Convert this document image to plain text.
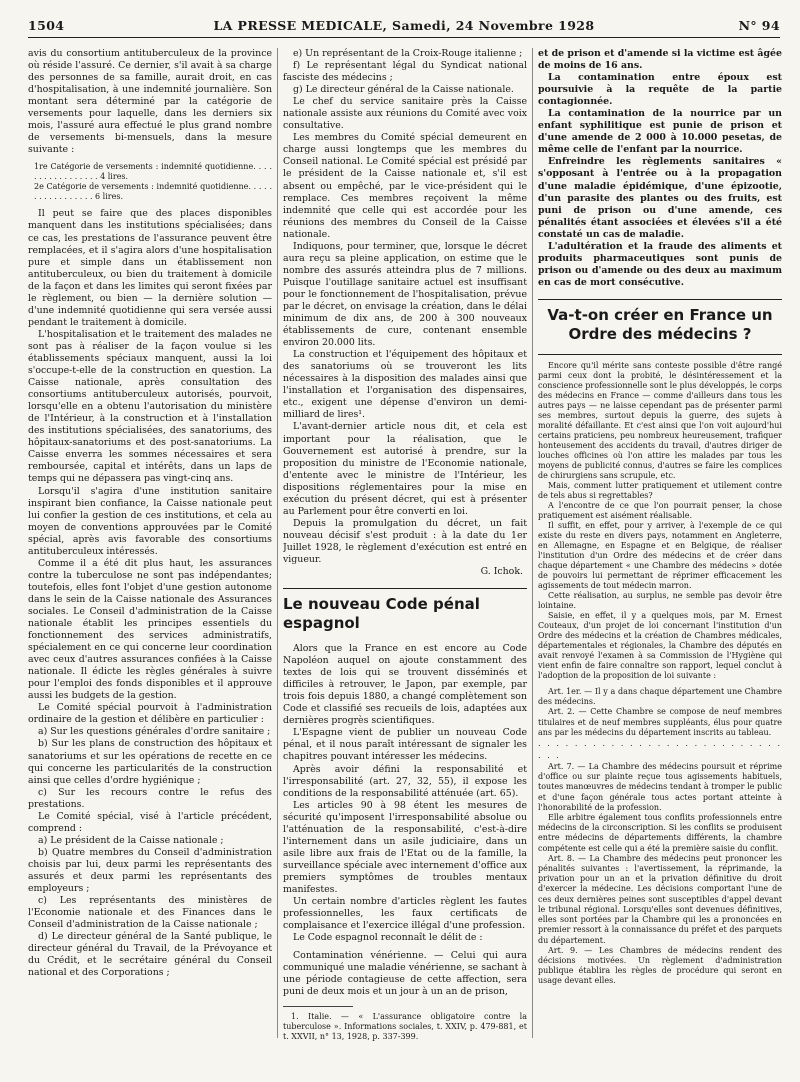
1504	LA PRESSE MEDICALE, Samedi, 24 Novembre 1928	N° 94

avis du consortium antituberculeux de la province où réside l'assuré. Ce dernier, s'il avait à sa charge des personnes de sa famille, aurait droit, en cas d'hospitalisation, à une indemnité journalière. Son montant sera déterminé par la catégorie de versements pour laquelle, dans les derniers six mois, l'assuré aura effectué le plus grand nombre de versements bi-mensuels, dans la mesure suivante :

1re Catégorie de versements : indemnité quotidienne. . . . . . . . . . . . . . . . . 4 lires.

2e Catégorie de versements : indemnité quotidienne. . . . . . . . . . . . . . . . . 6 lires.

Il peut se faire que des places disponibles manquent dans les institutions spécialisées; dans ce cas, les prestations de l'assurance peuvent être remplacées, et il s'agira alors d'une hospitalisation pure et simple dans un établissement non antituberculeux, ou bien du traitement à domicile de la façon et dans les limites qui seront fixées par le règlement, ou bien — la dernière solution — d'une indemnité quotidienne qui sera versée aussi pendant le traitement à domicile.

L'hospitalisation et le traitement des malades ne sont pas à réaliser de la façon voulue si les établissements spéciaux manquent, aussi la loi s'occupe-t-elle de la construction en question. La Caisse nationale, après consultation des consortiums antituberculeux autorisés, pourvoit, lorsqu'elle en a obtenu l'autorisation du ministère de l'Intérieur, à la construction et à l'installation des institutions spécialisées, des sanatoriums, des hôpitaux-sanatoriums et des post-sanatoriums. La Caisse enverra les sommes nécessaires et sera remboursée, capital et intérêts, dans un laps de temps qui ne dépassera pas vingt-cinq ans.

Lorsqu'il s'agira d'une institution sanitaire inspirant bien confiance, la Caisse nationale peut lui confier la gestion de ces institutions, et cela au moyen de conventions approuvées par le Comité spécial, après avis favorable des consortiums antituberculeux intéressés.

Comme il a été dit plus haut, les assurances contre la tuberculose ne sont pas indépendantes; toutefois, elles font l'objet d'une gestion autonome dans le sein de la Caisse nationale des Assurances sociales. Le Conseil d'administration de la Caisse nationale établit les principes essentiels du fonctionnement des services administratifs, spécialement en ce qui concerne leur coordination avec ceux d'autres assurances confiées à la Caisse nationale. Il édicte les règles générales à suivre pour l'emploi des fonds disponibles et il approuve aussi les budgets de la gestion.

Le Comité spécial pourvoit à l'administration ordinaire de la gestion et délibère en particulier :

a) Sur les questions générales d'ordre sanitaire ;

b) Sur les plans de construction des hôpitaux et sanatoriums et sur les opérations de recette en ce qui concerne les particularités de la construction ainsi que celles d'ordre hygiénique ;

c) Sur les recours contre le refus des prestations.

Le Comité spécial, visé à l'article précédent, comprend :

a) Le président de la Caisse nationale ;

b) Quatre membres du Conseil d'administration choisis par lui, deux parmi les représentants des assurés et deux parmi les représentants des employeurs ;

c) Les représentants des ministères de l'Economie nationale et des Finances dans le Conseil d'administration de la Caisse nationale ;

d) Le directeur général de la Santé publique, le directeur général du Travail, de la Prévoyance et du Crédit, et le secrétaire général du Conseil national et des Corporations ;

e) Un représentant de la Croix-Rouge italienne ;

f) Le représentant légal du Syndicat national fasciste des médecins ;

g) Le directeur général de la Caisse nationale.

Le chef du service sanitaire près la Caisse nationale assiste aux réunions du Comité avec voix consultative.

Les membres du Comité spécial demeurent en charge aussi longtemps que les membres du Conseil national. Le Comité spécial est présidé par le président de la Caisse nationale et, s'il est absent ou empêché, par le vice-président qui le remplace. Ces membres reçoivent la même indemnité que celle qui est accordée pour les réunions des membres du Conseil de la Caisse nationale.

Indiquons, pour terminer, que, lorsque le décret aura reçu sa pleine application, on estime que le nombre des assurés atteindra plus de 7 millions. Puisque l'outillage sanitaire actuel est insuffisant pour le fonctionnement de l'hospitalisation, prévue par le décret, on envisage la création, dans le délai minimum de dix ans, de 200 à 300 nouveaux établissements de cure, contenant ensemble environ 20.000 lits.

La construction et l'équipement des hôpitaux et des sanatoriums où se trouveront les lits nécessaires à la disposition des malades ainsi que l'installation et l'organisation des dispensaires, etc., exigent une dépense d'environ un demi-milliard de lires¹.

L'avant-dernier article nous dit, et cela est important pour la réalisation, que le Gouvernement est autorisé à prendre, sur la proposition du ministre de l'Economie nationale, d'entente avec le ministre de l'Intérieur, les dispositions réglementaires pour la mise en exécution du présent décret, qui est à présenter au Parlement pour être converti en loi.

Depuis la promulgation du décret, un fait nouveau décisif s'est produit : à la date du 1er Juillet 1928, le règlement d'exécution est entré en vigueur.

G. Ichok.

Le nouveau Code pénal espagnol

Alors que la France en est encore au Code Napoléon auquel on ajoute constamment des textes de lois qui se trouvent disséminés et difficiles à retrouver, le Japon, par exemple, par trois fois depuis 1880, a changé complètement son Code et classifié ses recueils de lois, adaptées aux dernières progrès scientifiques.

L'Espagne vient de publier un nouveau Code pénal, et il nous paraît intéressant de signaler les chapitres pouvant intéresser les médecins.

Après avoir défini la responsabilité et l'irresponsabilité (art. 27, 32, 55), il expose les conditions de la responsabilité atténuée (art. 65).

Les articles 90 à 98 étent les mesures de sécurité qu'imposent l'irresponsabilité absolue ou l'atténuation de la responsabilité, c'est-à-dire l'internement dans un asile judiciaire, dans un asile libre aux frais de l'Etat ou de la famille, la surveillance spéciale avec internement d'office aux premiers symptômes de troubles mentaux manifestes.

Un certain nombre d'articles règlent les fautes professionnelles, les faux certificats de complaisance et l'exercice illégal d'une profession.

Le Code espagnol reconnaît le délit de :

Contamination vénérienne. — Celui qui aura communiqué une maladie vénérienne, se sachant à une période contagieuse de cette affection, sera puni de deux mois et un jour à un an de prison,

1. Italie. — « L'assurance obligatoire contre la tuberculose ». Informations sociales, t. XXIV, p. 479-881, et t. XXVII, n° 13, 1928, p. 337-399.

et de prison et d'amende si la victime est âgée de moins de 16 ans.

La contamination entre époux est poursuivie à la requête de la partie contagionnée.

La contamination de la nourrice par un enfant syphilitique est punie de prison et d'une amende de 2 000 à 10.000 pesetas, de même celle de l'enfant par la nourrice.

Enfreindre les règlements sanitaires « s'opposant à l'entrée ou à la propagation d'une maladie épidémique, d'une épizootie, d'un parasite des plantes ou des fruits, est puni de prison ou d'une amende, ces pénalités étant associées et élevées s'il a été constaté un cas de maladie.

L'adultération et la fraude des aliments et produits pharmaceutiques sont punis de prison ou d'amende ou des deux au maximum en cas de mort consécutive.

Va-t-on créer en France un Ordre des médecins ?

Encore qu'il mérite sans conteste possible d'être rangé parmi ceux dont la probité, le désintéressement et la conscience professionnelle sont le plus développés, le corps des médecins en France — comme d'ailleurs dans tous les autres pays — ne laisse cependant pas de présenter parmi ses membres, surtout depuis la guerre, des sujets à moralité défaillante. Et c'est ainsi que l'on voit aujourd'hui certains praticiens, peu nombreux heureusement, trafiquer honteusement des accidents du travail, d'autres diriger de louches officines où l'on attire les malades par tous les moyens de publicité connus, d'autres se faire les complices de chirurgiens sans scrupule, etc.

Mais, comment lutter pratiquement et utilement contre de tels abus si regrettables?

A l'encontre de ce que l'on pourrait penser, la chose pratiquement est aisément réalisable.

Il suffit, en effet, pour y arriver, à l'exemple de ce qui existe du reste en divers pays, notamment en Angleterre, en Allemagne, en Espagne et en Belgique, de réaliser l'institution d'un Ordre des médecins et de créer dans chaque département « une Chambre des médecins » dotée de pouvoirs lui permettant de réprimer efficacement les agissements de tout médecin marron.

Cette réalisation, au surplus, ne semble pas devoir être lointaine.

Saisie, en effet, il y a quelques mois, par M. Ernest Couteaux, d'un projet de loi concernant l'institution d'un Ordre des médecins et la création de Chambres médicales, départementales et régionales, la Chambre des députés en avait renvoyé l'examen à sa Commission de l'Hygiène qui vient enfin de faire connaître son rapport, lequel conclut à l'adoption de la proposition de loi suivante :

Art. 1er. — Il y a dans chaque département une Chambre des médecins.

Art. 2. — Cette Chambre se compose de neuf membres titulaires et de neuf membres suppléants, élus pour quatre ans par les médecins du département inscrits au tableau.

. . . . . . . . . . . . . . . . . . . . . . . . . . . . . .

Art. 7. — La Chambre des médecins poursuit et réprime d'office ou sur plainte reçue tous agissements habituels, toutes manœuvres de médecins tendant à tromper le public et d'une façon générale tous actes portant atteinte à l'honorabilité de la profession.

Elle arbitre également tous conflits professionnels entre médecins de la circonscription. Si les conflits se produisent entre médecins de départements différents, la chambre compétente est celle qui a été la première saisie du conflit.

Art. 8. — La Chambre des médecins peut prononcer les pénalités suivantes : l'avertissement, la réprimande, la privation pour un an et la privation définitive du droit d'exercer la médecine. Les décisions comportant l'une de ces deux dernières peines sont susceptibles d'appel devant le tribunal régional. Lorsqu'elles sont devenues définitives, elles sont portées par la Chambre qui les a prononcées en premier ressort à la connaissance du préfet et des parquets du département.

Art. 9. — Les Chambres de médecins rendent des décisions motivées. Un règlement d'administration publique établira les règles de procédure qui seront en usage devant elles.
